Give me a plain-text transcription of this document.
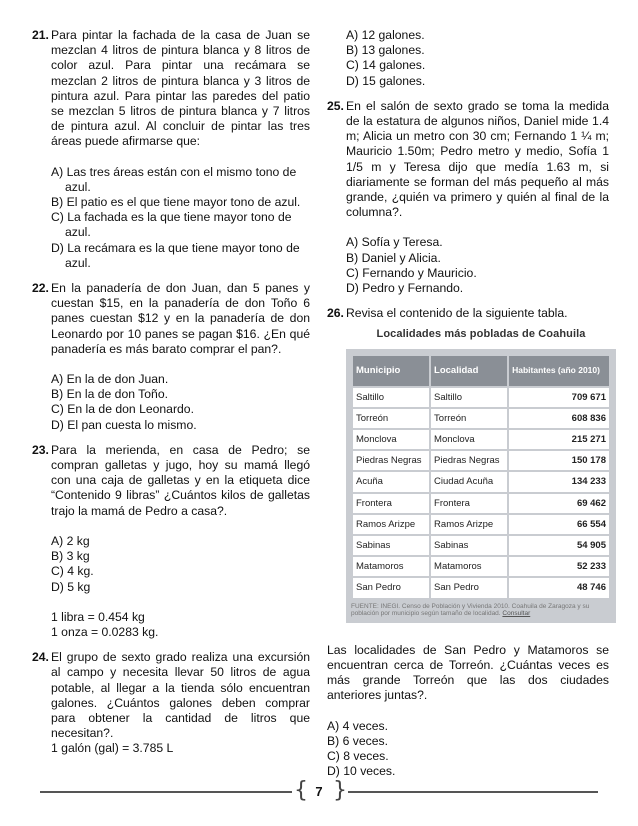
21. Para pintar la fachada de la casa de Juan se mezclan 4 litros de pintura blanca y 8 litros de color azul. Para pintar una recámara se mezclan 2 litros de pintura blanca y 3 litros de pintura azul. Para pintar las paredes del patio se mezclan 5 litros de pintura blanca y 7 litros de pintura azul. Al concluir de pintar las tres áreas puede afirmarse que:
A) Las tres áreas están con el mismo tono de azul.
B) El patio es el que tiene mayor tono de azul.
C) La fachada es la que tiene mayor tono de azul.
D) La recámara es la que tiene mayor tono de azul.
22. En la panadería de don Juan, dan 5 panes y cuestan $15, en la panadería de don Toño 6 panes cuestan $12 y en la panadería de don Leonardo por 10 panes se pagan $16. ¿En qué panadería es más barato comprar el pan?.
A) En la de don Juan.
B) En la de don Toño.
C) En la de don Leonardo.
D) El pan cuesta lo mismo.
23. Para la merienda, en casa de Pedro; se compran galletas y jugo, hoy su mamá llegó con una caja de galletas y en la etiqueta dice “Contenido 9 libras” ¿Cuántos kilos de galletas trajo la mamá de Pedro a casa?.
A) 2 kg
B) 3 kg
C) 4 kg.
D) 5 kg
1 libra = 0.454 kg
1 onza = 0.0283 kg.
24. El grupo de sexto grado realiza una excursión al campo y necesita llevar 50 litros de agua potable, al llegar a la tienda sólo encuentran galones. ¿Cuántos galones deben comprar para obtener la cantidad de litros que necesitan?.
1 galón (gal) = 3.785 L
A) 12 galones.
B) 13 galones.
C) 14 galones.
D) 15 galones.
25. En el salón de sexto grado se toma la medida de la estatura de algunos niños, Daniel mide 1.4 m; Alicia un metro con 30 cm; Fernando 1 ¼ m; Mauricio 1.50m; Pedro metro y medio, Sofía 1 1/5 m y Teresa dijo que medía 1.63 m, si diariamente se forman del más pequeño al más grande, ¿quién va primero y quién al final de la columna?.
A) Sofía y Teresa.
B) Daniel y Alicia.
C) Fernando y Mauricio.
D) Pedro y Fernando.
26. Revisa el contenido de la siguiente tabla.
Localidades más pobladas de Coahuila
Municipio	Localidad	Habitantes (año 2010)
Saltillo	Saltillo	709 671
Torreón	Torreón	608 836
Monclova	Monclova	215 271
Piedras Negras	Piedras Negras	150 178
Acuña	Ciudad Acuña	134 233
Frontera	Frontera	69 462
Ramos Arizpe	Ramos Arizpe	66 554
Sabinas	Sabinas	54 905
Matamoros	Matamoros	52 233
San Pedro	San Pedro	48 746
FUENTE: INEGI. Censo de Población y Vivienda 2010. Coahuila de Zaragoza y su población por municipio según tamaño de localidad. Consultar
Las localidades de San Pedro y Matamoros se encuentran cerca de Torreón. ¿Cuántas veces es más grande Torreón que las dos ciudades anteriores juntas?.
A) 4 veces.
B) 6 veces.
C) 8 veces.
D) 10 veces.
{ 7 }
